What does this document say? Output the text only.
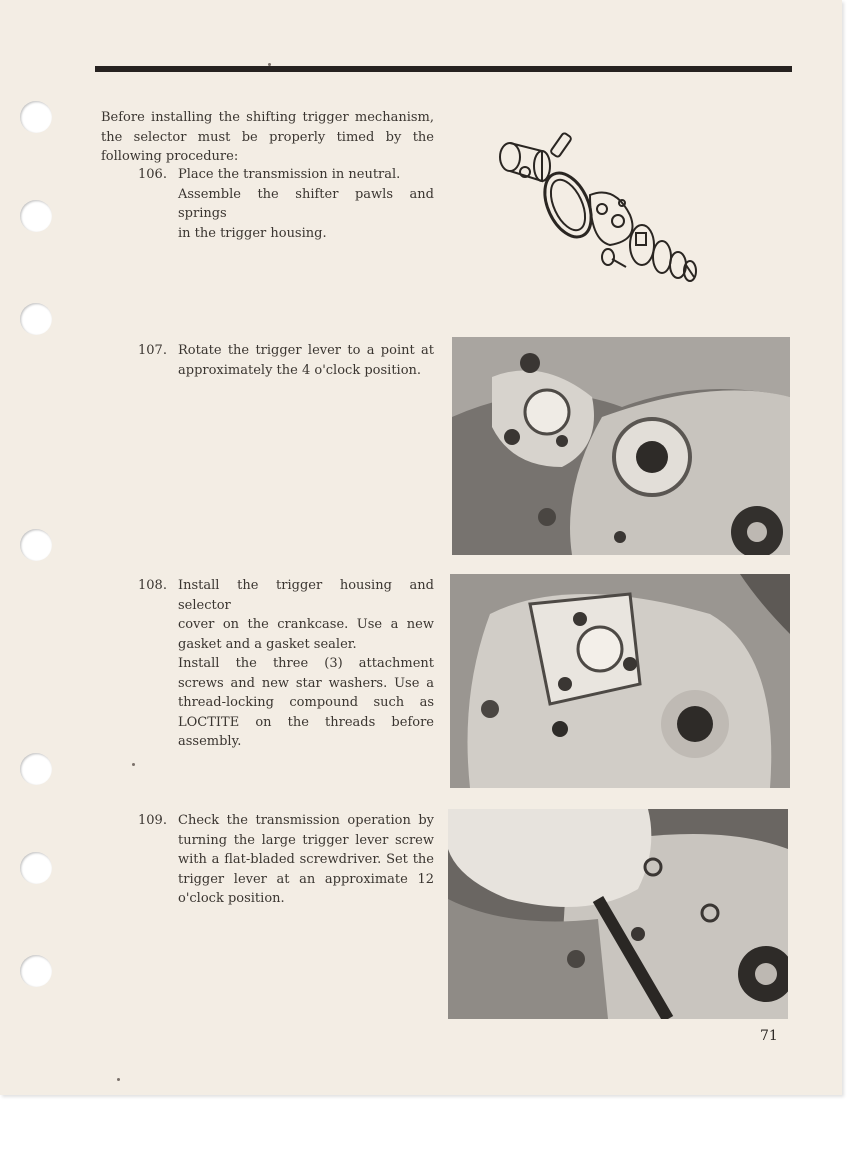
Before installing the shifting trigger mechanism,
the selector must be properly timed by the
following procedure:
106. Place the transmission in neutral.
Assemble the shifter pawls and springs
in the trigger housing.
107. Rotate the trigger lever to a point at
approximately the 4 o'clock position.
108. Install the trigger housing and selector
cover on the crankcase. Use a new
gasket and a gasket sealer.
Install the three (3) attachment
screws and new star washers. Use a
thread-locking compound such as
LOCTITE on the threads before
assembly.
109. Check the transmission operation by
turning the large trigger lever screw
with a flat-bladed screwdriver. Set the
trigger lever at an approximate 12
o'clock position.
71
